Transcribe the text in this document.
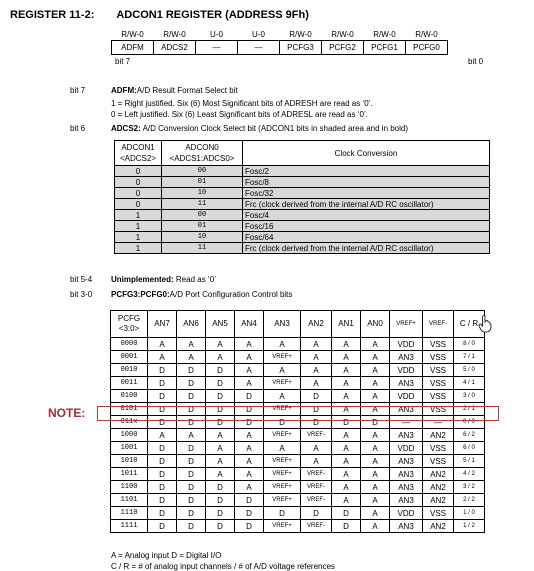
REGISTER 11-2: ADCON1 REGISTER (ADDRESS 9Fh)
R/W-0	R/W-0	U-0	U-0	R/W-0	R/W-0	R/W-0	R/W-0
ADFM	ADCS2	—	—	PCFG3	PCFG2	PCFG1	PCFG0
bit 7	bit 0
bit 7	ADFM:A/D Result Format Select bit
1 = Right justified. Six (6) Most Significant bits of ADRESH are read as ‘0’.
0 = Left justified. Six (6) Least Significant bits of ADRESL are read as ‘0’.
bit 6	ADCS2: A/D Conversion Clock Select bit (ADCON1 bits in shaded area and in bold)
ADCON1 <ADCS2>	ADCON0 <ADCS1:ADCS0>	Clock Conversion
0	00	Fosc/2
0	01	Fosc/8
0	10	Fosc/32
0	11	Frc (clock derived from the internal A/D RC oscillator)
1	00	Fosc/4
1	01	Fosc/16
1	10	Fosc/64
1	11	Frc (clock derived from the internal A/D RC oscillator)
bit 5-4 Unimplemented: Read as ‘0’
bit 3-0 PCFG3:PCFG0:A/D Port Configuration Control bits
PCFG <3:0>	AN7	AN6	AN5	AN4	AN3	AN2	AN1	AN0	VREF+	VREF-	C / R
0000	A	A	A	A	A	A	A	A	VDD	VSS	8 / 0
0001	A	A	A	A	VREF+	A	A	A	AN3	VSS	7 / 1
0010	D	D	D	A	A	A	A	A	VDD	VSS	5 / 0
0011	D	D	D	A	VREF+	A	A	A	AN3	VSS	4 / 1
0100	D	D	D	D	A	D	A	A	VDD	VSS	3 / 0
0101	D	D	D	D	VREF+	D	A	A	AN3	VSS	2 / 1
011x	D	D	D	D	D	D	D	D	—	—	0 / 0
1000	A	A	A	A	VREF+	VREF-	A	A	AN3	AN2	6 / 2
1001	D	D	A	A	A	A	A	A	VDD	VSS	6 / 0
1010	D	D	A	A	VREF+	A	A	A	AN3	VSS	5 / 1
1011	D	D	A	A	VREF+	VREF-	A	A	AN3	AN2	4 / 2
1100	D	D	D	A	VREF+	VREF-	A	A	AN3	AN2	3 / 2
1101	D	D	D	D	VREF+	VREF-	A	A	AN3	AN2	2 / 2
1110	D	D	D	D	D	D	D	A	VDD	VSS	1 / 0
1111	D	D	D	D	VREF+	VREF-	D	A	AN3	AN2	1 / 2
NOTE:
A = Analog input D = Digital I/O
C / R = # of analog input channels / # of A/D voltage references
